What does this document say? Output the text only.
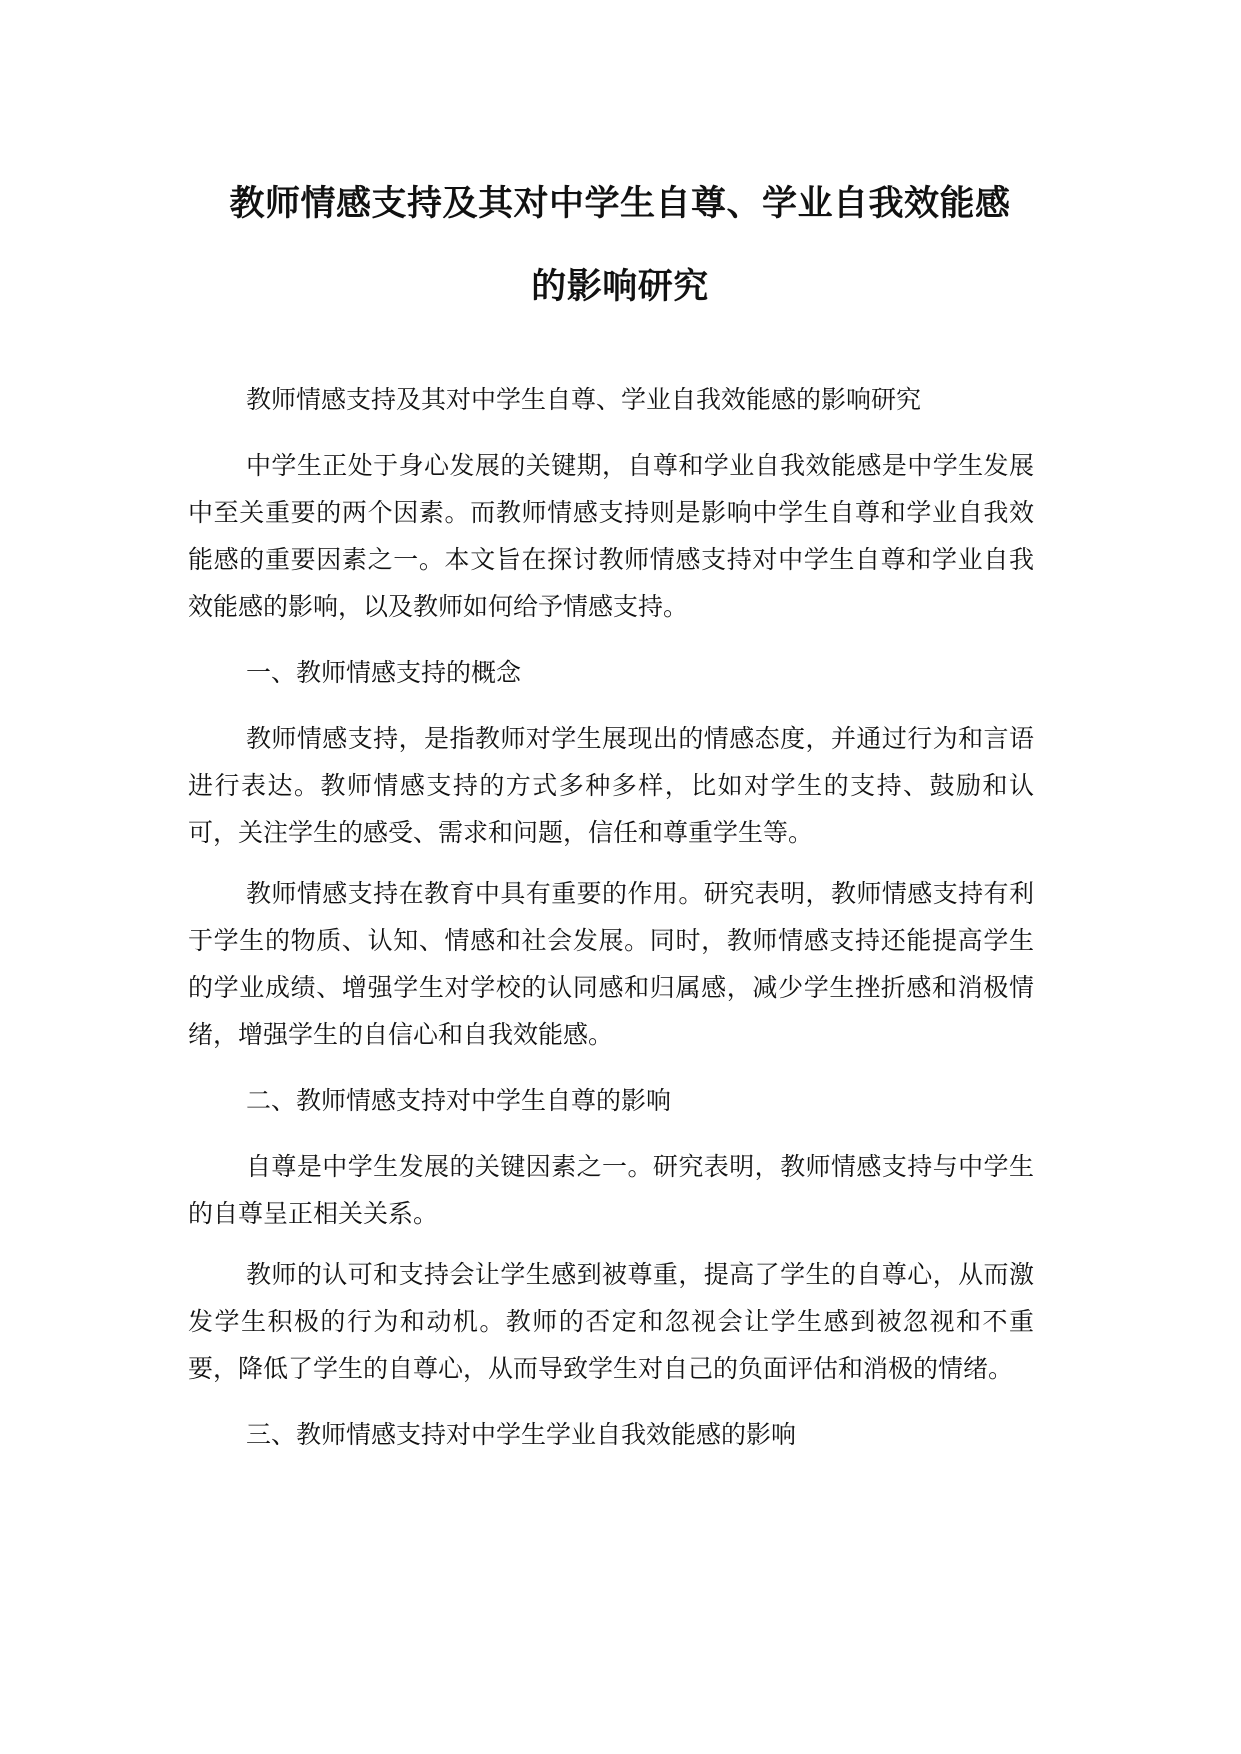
教师情感支持及其对中学生自尊、学业自我效能感
的影响研究

教师情感支持及其对中学生自尊、学业自我效能感的影响研究

中学生正处于身心发展的关键期，自尊和学业自我效能感是中学生发展中至关重要的两个因素。而教师情感支持则是影响中学生自尊和学业自我效能感的重要因素之一。本文旨在探讨教师情感支持对中学生自尊和学业自我效能感的影响，以及教师如何给予情感支持。

一、教师情感支持的概念

教师情感支持，是指教师对学生展现出的情感态度，并通过行为和言语进行表达。教师情感支持的方式多种多样，比如对学生的支持、鼓励和认可，关注学生的感受、需求和问题，信任和尊重学生等。

教师情感支持在教育中具有重要的作用。研究表明，教师情感支持有利于学生的物质、认知、情感和社会发展。同时，教师情感支持还能提高学生的学业成绩、增强学生对学校的认同感和归属感，减少学生挫折感和消极情绪，增强学生的自信心和自我效能感。

二、教师情感支持对中学生自尊的影响

自尊是中学生发展的关键因素之一。研究表明，教师情感支持与中学生的自尊呈正相关关系。

教师的认可和支持会让学生感到被尊重，提高了学生的自尊心，从而激发学生积极的行为和动机。教师的否定和忽视会让学生感到被忽视和不重要，降低了学生的自尊心，从而导致学生对自己的负面评估和消极的情绪。

三、教师情感支持对中学生学业自我效能感的影响
